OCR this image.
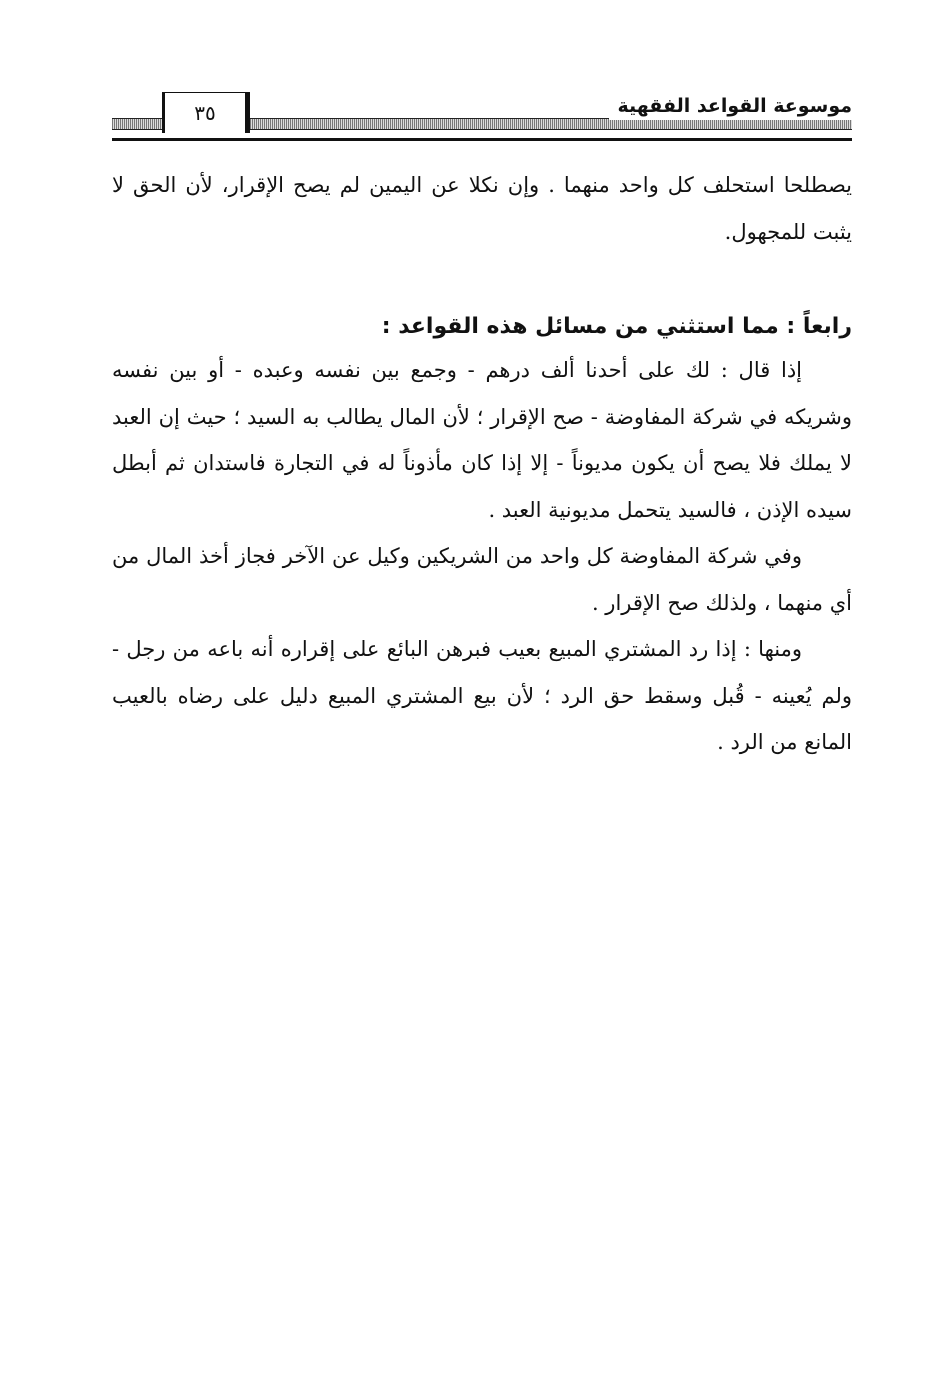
٣٥	موسوعة القواعد الفقهية

يصطلحا استحلف كل واحد منهما . وإن نكلا عن اليمين لم يصح الإقرار، لأن الحق لا يثبت للمجهول.

رابعاً : مما استثني من مسائل هذه القواعد :

إذا قال : لك على أحدنا ألف درهم - وجمع بين نفسه وعبده - أو بين نفسه وشريكه في شركة المفاوضة - صح الإقرار ؛ لأن المال يطالب به السيد ؛ حيث إن العبد لا يملك فلا يصح أن يكون مديوناً - إلا إذا كان مأذوناً له في التجارة فاستدان ثم أبطل سيده الإذن ، فالسيد يتحمل مديونية العبد .

وفي شركة المفاوضة كل واحد من الشريكين وكيل عن الآخر فجاز أخذ المال من أي منهما ، ولذلك صح الإقرار .

ومنها : إذا رد المشتري المبيع بعيب فبرهن البائع على إقراره أنه باعه من رجل - ولم يُعينه - قُبل وسقط حق الرد ؛ لأن بيع المشتري المبيع دليل على رضاه بالعيب المانع من الرد .
